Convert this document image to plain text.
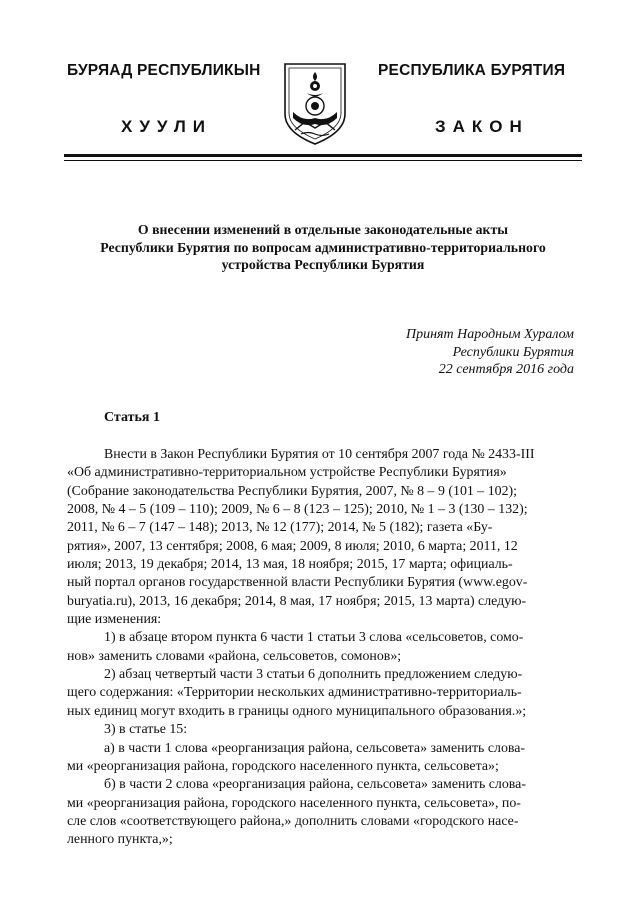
БУРЯАД РЕСПУБЛИКЫН	РЕСПУБЛИКА БУРЯТИЯ
ХУУЛИ	ЗАКОН
О внесении изменений в отдельные законодательные акты
Республики Бурятия по вопросам административно-территориального
устройства Республики Бурятия
Принят Народным Хуралом
Республики Бурятия
22 сентября 2016 года
Статья 1
Внести в Закон Республики Бурятия от 10 сентября 2007 года № 2433-III
«Об административно-территориальном устройстве Республики Бурятия»
(Собрание законодательства Республики Бурятия, 2007, № 8 – 9 (101 – 102);
2008, № 4 – 5 (109 – 110); 2009, № 6 – 8 (123 – 125); 2010, № 1 – 3 (130 – 132);
2011, № 6 – 7 (147 – 148); 2013, № 12 (177); 2014, № 5 (182); газета «Бу-
рятия», 2007, 13 сентября; 2008, 6 мая; 2009, 8 июля; 2010, 6 марта; 2011, 12
июля; 2013, 19 декабря; 2014, 13 мая, 18 ноября; 2015, 17 марта; официаль-
ный портал органов государственной власти Республики Бурятия (www.egov-
buryatia.ru), 2013, 16 декабря; 2014, 8 мая, 17 ноября; 2015, 13 марта) следую-
щие изменения:
1) в абзаце втором пункта 6 части 1 статьи 3 слова «сельсоветов, сомо-
нов» заменить словами «района, сельсоветов, сомонов»;
2) абзац четвертый части 3 статьи 6 дополнить предложением следую-
щего содержания: «Территории нескольких административно-территориаль-
ных единиц могут входить в границы одного муниципального образования.»;
3) в статье 15:
а) в части 1 слова «реорганизация района, сельсовета» заменить слова-
ми «реорганизация района, городского населенного пункта, сельсовета»;
б) в части 2 слова «реорганизация района, сельсовета» заменить слова-
ми «реорганизация района, городского населенного пункта, сельсовета», по-
сле слов «соответствующего района,» дополнить словами «городского насе-
ленного пункта,»;
